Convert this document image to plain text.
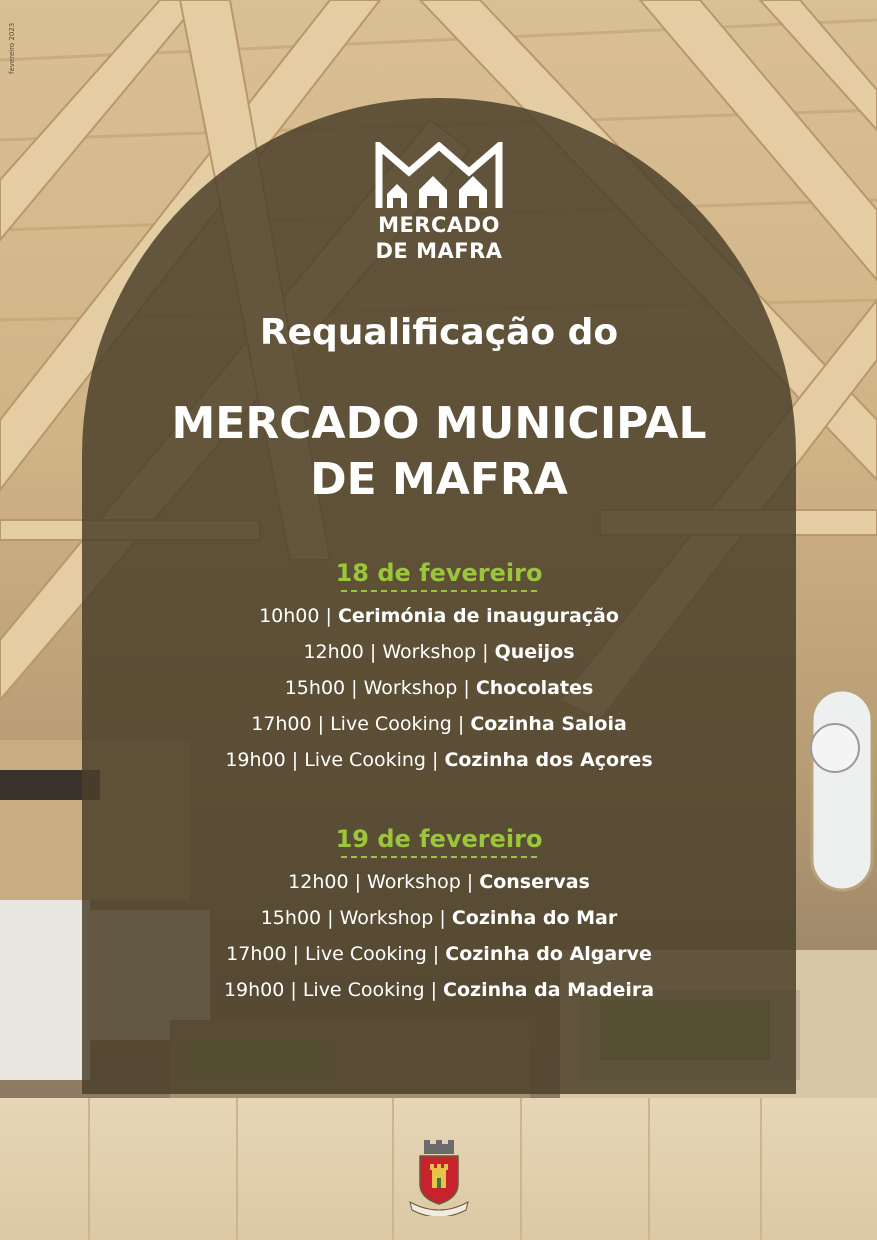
fevereiro 2023
MERCADO
DE MAFRA
Requalificação do
MERCADO MUNICIPAL
DE MAFRA
18 de fevereiro
10h00 | Cerimónia de inauguração
12h00 | Workshop | Queijos
15h00 | Workshop | Chocolates
17h00 | Live Cooking | Cozinha Saloia
19h00 | Live Cooking | Cozinha dos Açores
19 de fevereiro
12h00 | Workshop | Conservas
15h00 | Workshop | Cozinha do Mar
17h00 | Live Cooking | Cozinha do Algarve
19h00 | Live Cooking | Cozinha da Madeira
